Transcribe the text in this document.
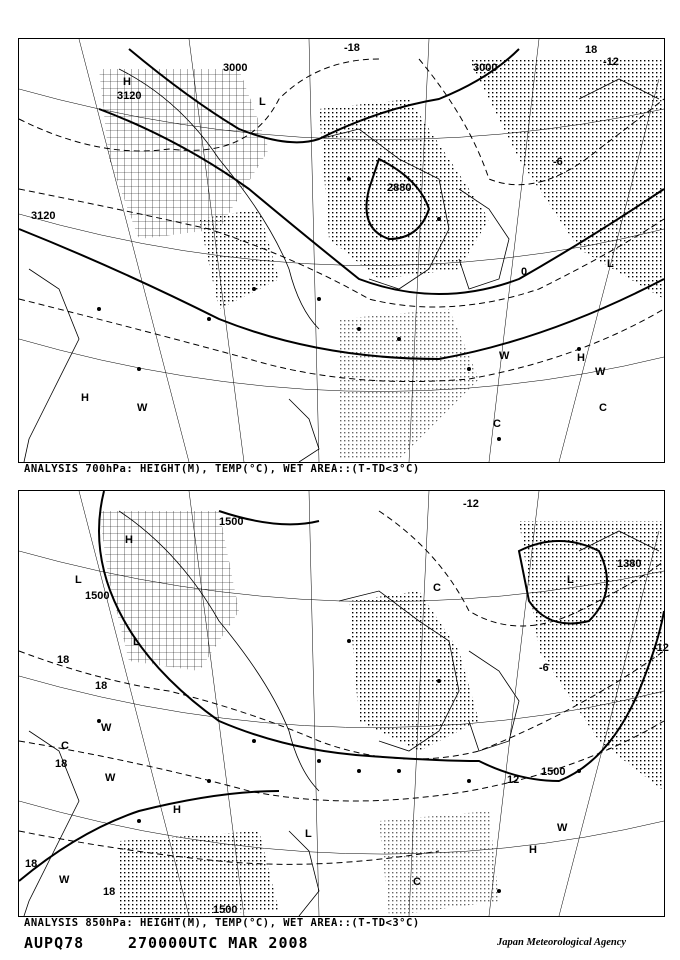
3000
3120
3000
3120
2880
-18
-12
-6
0
18
H
H
L
L
W
W
W
H
C
C
ANALYSIS 700hPa: HEIGHT(M), TEMP(°C), WET AREA::(T-TD<3°C)
1500
1500
1380
1500
1500
18
18
18
18
18
-12
-6
12
-12
L
L
H
C
W
W
H
W
L
C
H
W
C
L
ANALYSIS 850hPa: HEIGHT(M), TEMP(°C), WET AREA::(T-TD<3°C)
AUPQ78	270000UTC MAR 2008	Japan Meteorological Agency
